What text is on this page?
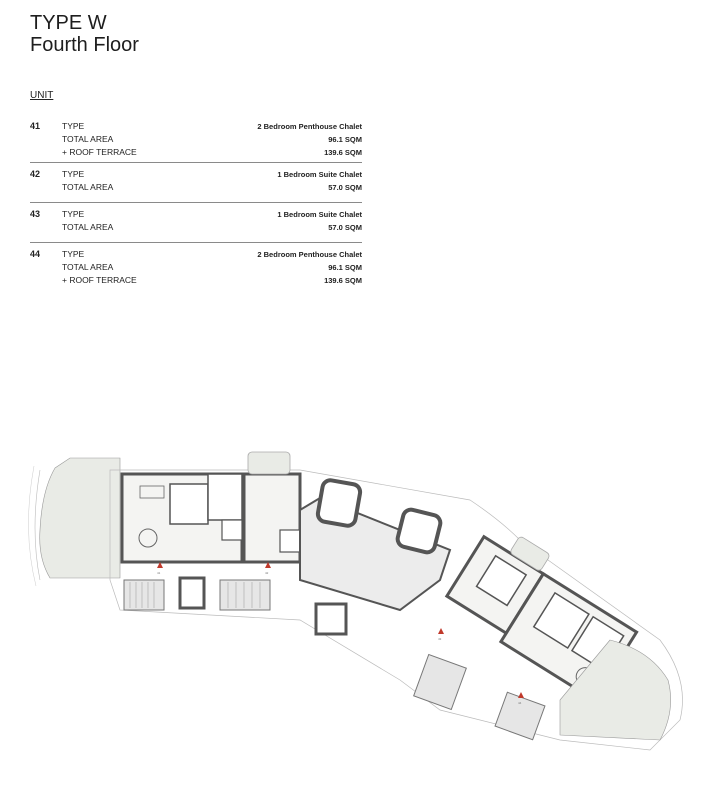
TYPE W
Fourth Floor
UNIT
41	TYPE	2 Bedroom Penthouse Chalet
TOTAL AREA	96.1 SQM
+ ROOF TERRACE	139.6 SQM
42	TYPE	1 Bedroom Suite Chalet
TOTAL AREA	57.0 SQM
43	TYPE	1 Bedroom Suite Chalet
TOTAL AREA	57.0 SQM
44	TYPE	2 Bedroom Penthouse Chalet
TOTAL AREA	96.1 SQM
+ ROOF TERRACE	139.6 SQM
41	42
43
44
